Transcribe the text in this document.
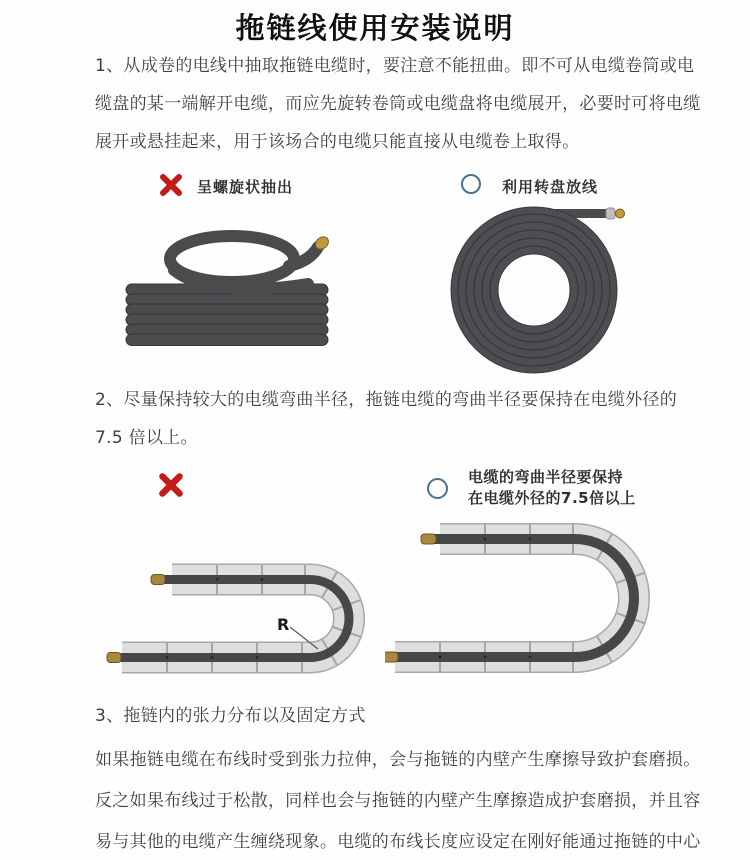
拖链线使用安装说明
1、从成卷的电线中抽取拖链电缆时，要注意不能扭曲。即不可从电缆卷筒或电
缆盘的某一端解开电缆，而应先旋转卷筒或电缆盘将电缆展开，必要时可将电缆
展开或悬挂起来，用于该场合的电缆只能直接从电缆卷上取得。
呈螺旋状抽出	利用转盘放线
2、尽量保持较大的电缆弯曲半径，拖链电缆的弯曲半径要保持在电缆外径的
7.5 倍以上。
电缆的弯曲半径要保持
在电缆外径的7.5倍以上
R
3、拖链内的张力分布以及固定方式
如果拖链电缆在布线时受到张力拉伸，会与拖链的内壁产生摩擦导致护套磨损。
反之如果布线过于松散，同样也会与拖链的内壁产生摩擦造成护套磨损，并且容
易与其他的电缆产生缠绕现象。电缆的布线长度应设定在刚好能通过拖链的中心
